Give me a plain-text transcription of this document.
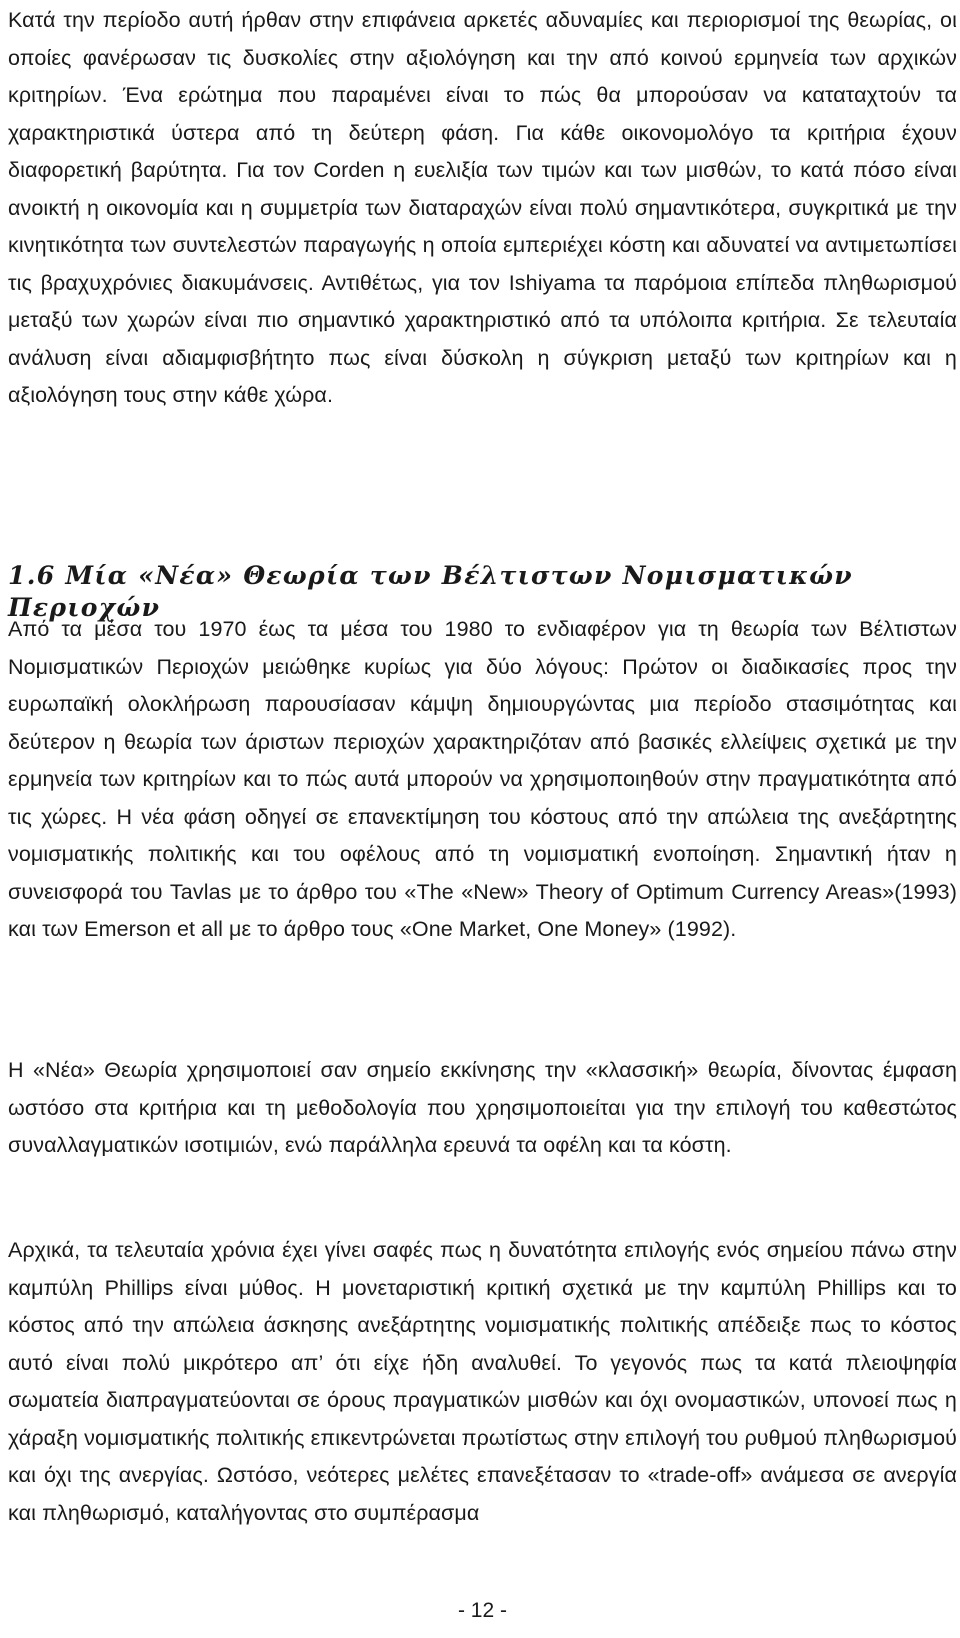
Κατά την περίοδο αυτή ήρθαν στην επιφάνεια αρκετές αδυναμίες και περιορισμοί της θεωρίας, οι οποίες φανέρωσαν τις δυσκολίες στην αξιολόγηση και την από κοινού ερμηνεία των αρχικών κριτηρίων. Ένα ερώτημα που παραμένει είναι το πώς θα μπορούσαν να καταταχτούν τα χαρακτηριστικά ύστερα από τη δεύτερη φάση. Για κάθε οικονομολόγο τα κριτήρια έχουν διαφορετική βαρύτητα. Για τον Corden η ευελιξία των τιμών και των μισθών, το κατά πόσο είναι ανοικτή η οικονομία και η συμμετρία των διαταραχών είναι πολύ σημαντικότερα, συγκριτικά με την κινητικότητα των συντελεστών παραγωγής η οποία εμπεριέχει κόστη και αδυνατεί να αντιμετωπίσει τις βραχυχρόνιες διακυμάνσεις. Αντιθέτως, για τον Ishiyama τα παρόμοια επίπεδα πληθωρισμού μεταξύ των χωρών είναι πιο σημαντικό χαρακτηριστικό από τα υπόλοιπα κριτήρια. Σε τελευταία ανάλυση είναι αδιαμφισβήτητο πως είναι δύσκολη η σύγκριση μεταξύ των κριτηρίων και η αξιολόγηση τους στην κάθε χώρα.

1.6 Μία «Νέα» Θεωρία των Βέλτιστων Νομισματικών Περιοχών

Από τα μέσα του 1970 έως τα μέσα του 1980 το ενδιαφέρον για τη θεωρία των Βέλτιστων Νομισματικών Περιοχών μειώθηκε κυρίως για δύο λόγους: Πρώτον οι διαδικασίες προς την ευρωπαϊκή ολοκλήρωση παρουσίασαν κάμψη δημιουργώντας μια περίοδο στασιμότητας και δεύτερον η θεωρία των άριστων περιοχών χαρακτηριζόταν από βασικές ελλείψεις σχετικά με την ερμηνεία των κριτηρίων και το πώς αυτά μπορούν να χρησιμοποιηθούν στην πραγματικότητα από τις χώρες. Η νέα φάση οδηγεί σε επανεκτίμηση του κόστους από την απώλεια της ανεξάρτητης νομισματικής πολιτικής και του οφέλους από τη νομισματική ενοποίηση. Σημαντική ήταν η συνεισφορά του Tavlas με το άρθρο του «The «New» Theory of Optimum Currency Areas»(1993) και των Emerson et all με το άρθρο τους «One Market, One Money» (1992).

Η «Νέα» Θεωρία χρησιμοποιεί σαν σημείο εκκίνησης την «κλασσική» θεωρία, δίνοντας έμφαση ωστόσο στα κριτήρια και τη μεθοδολογία που χρησιμοποιείται για την επιλογή του καθεστώτος συναλλαγματικών ισοτιμιών, ενώ παράλληλα ερευνά τα οφέλη και τα κόστη.

Αρχικά, τα τελευταία χρόνια έχει γίνει σαφές πως η δυνατότητα επιλογής ενός σημείου πάνω στην καμπύλη Phillips είναι μύθος. Η μονεταριστική κριτική σχετικά με την καμπύλη Phillips και το κόστος από την απώλεια άσκησης ανεξάρτητης νομισματικής πολιτικής απέδειξε πως το κόστος αυτό είναι πολύ μικρότερο απ’ ότι είχε ήδη αναλυθεί. Το γεγονός πως τα κατά πλειοψηφία σωματεία διαπραγματεύονται σε όρους πραγματικών μισθών και όχι ονομαστικών, υπονοεί πως η χάραξη νομισματικής πολιτικής επικεντρώνεται πρωτίστως στην επιλογή του ρυθμού πληθωρισμού και όχι της ανεργίας. Ωστόσο, νεότερες μελέτες επανεξέτασαν το «trade-off» ανάμεσα σε ανεργία και πληθωρισμό, καταλήγοντας στο συμπέρασμα

- 12 -
